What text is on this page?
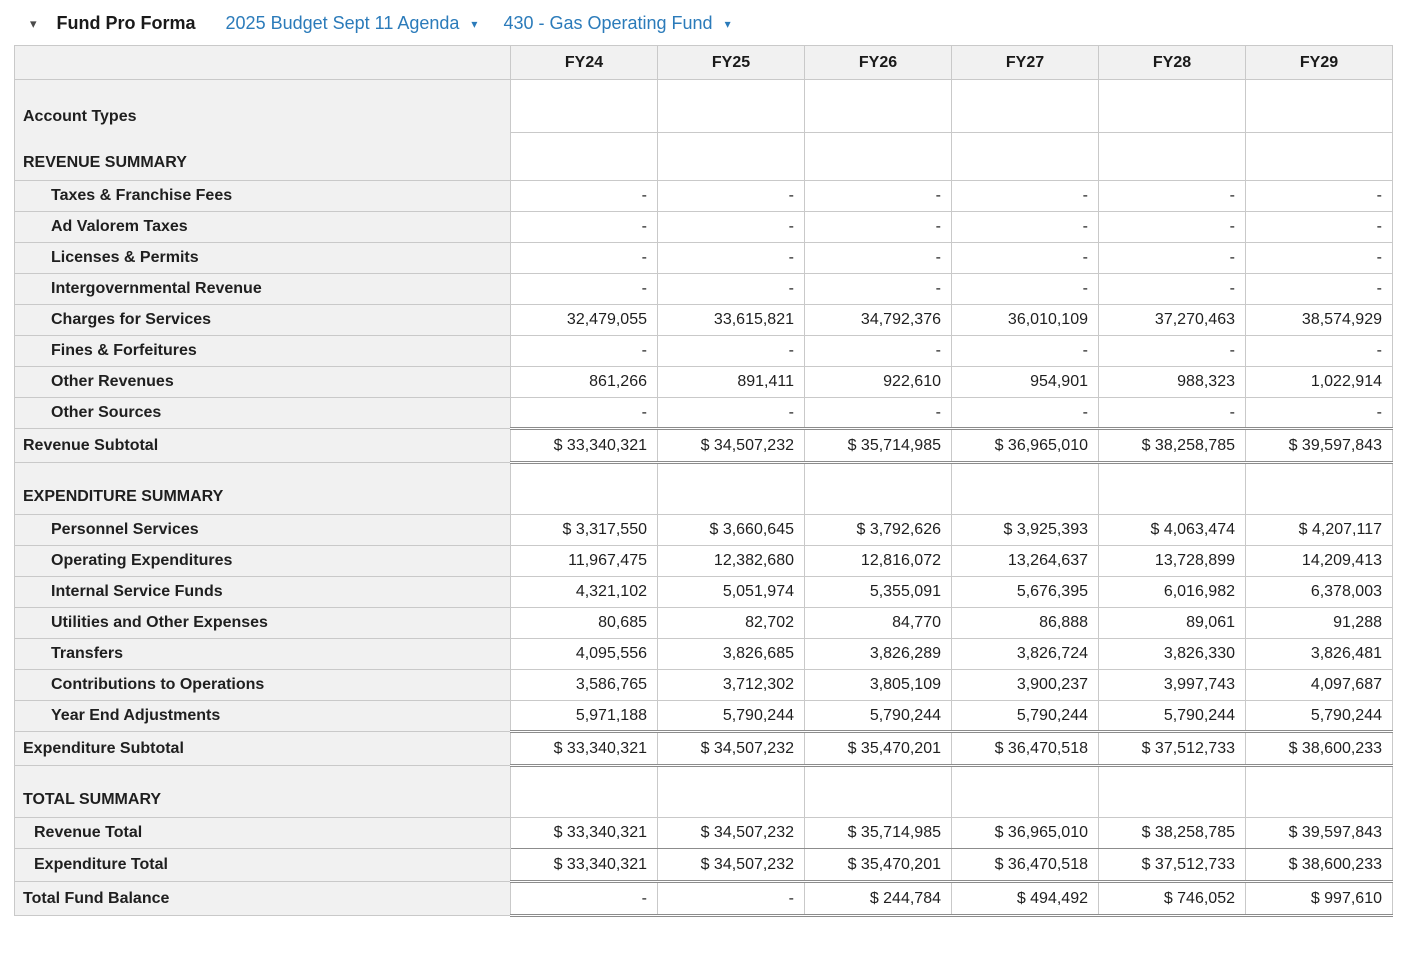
▾ Fund Pro Forma 2025 Budget Sept 11 Agenda ▾ 430 - Gas Operating Fund ▾
	FY24	FY25	FY26	FY27	FY28	FY29
Account Types						
REVENUE SUMMARY						
Taxes & Franchise Fees	-	-	-	-	-	-
Ad Valorem Taxes	-	-	-	-	-	-
Licenses & Permits	-	-	-	-	-	-
Intergovernmental Revenue	-	-	-	-	-	-
Charges for Services	32,479,055	33,615,821	34,792,376	36,010,109	37,270,463	38,574,929
Fines & Forfeitures	-	-	-	-	-	-
Other Revenues	861,266	891,411	922,610	954,901	988,323	1,022,914
Other Sources	-	-	-	-	-	-
Revenue Subtotal	$ 33,340,321	$ 34,507,232	$ 35,714,985	$ 36,965,010	$ 38,258,785	$ 39,597,843
EXPENDITURE SUMMARY						
Personnel Services	$ 3,317,550	$ 3,660,645	$ 3,792,626	$ 3,925,393	$ 4,063,474	$ 4,207,117
Operating Expenditures	11,967,475	12,382,680	12,816,072	13,264,637	13,728,899	14,209,413
Internal Service Funds	4,321,102	5,051,974	5,355,091	5,676,395	6,016,982	6,378,003
Utilities and Other Expenses	80,685	82,702	84,770	86,888	89,061	91,288
Transfers	4,095,556	3,826,685	3,826,289	3,826,724	3,826,330	3,826,481
Contributions to Operations	3,586,765	3,712,302	3,805,109	3,900,237	3,997,743	4,097,687
Year End Adjustments	5,971,188	5,790,244	5,790,244	5,790,244	5,790,244	5,790,244
Expenditure Subtotal	$ 33,340,321	$ 34,507,232	$ 35,470,201	$ 36,470,518	$ 37,512,733	$ 38,600,233
TOTAL SUMMARY						
Revenue Total	$ 33,340,321	$ 34,507,232	$ 35,714,985	$ 36,965,010	$ 38,258,785	$ 39,597,843
Expenditure Total	$ 33,340,321	$ 34,507,232	$ 35,470,201	$ 36,470,518	$ 37,512,733	$ 38,600,233
Total Fund Balance	-	-	$ 244,784	$ 494,492	$ 746,052	$ 997,610
